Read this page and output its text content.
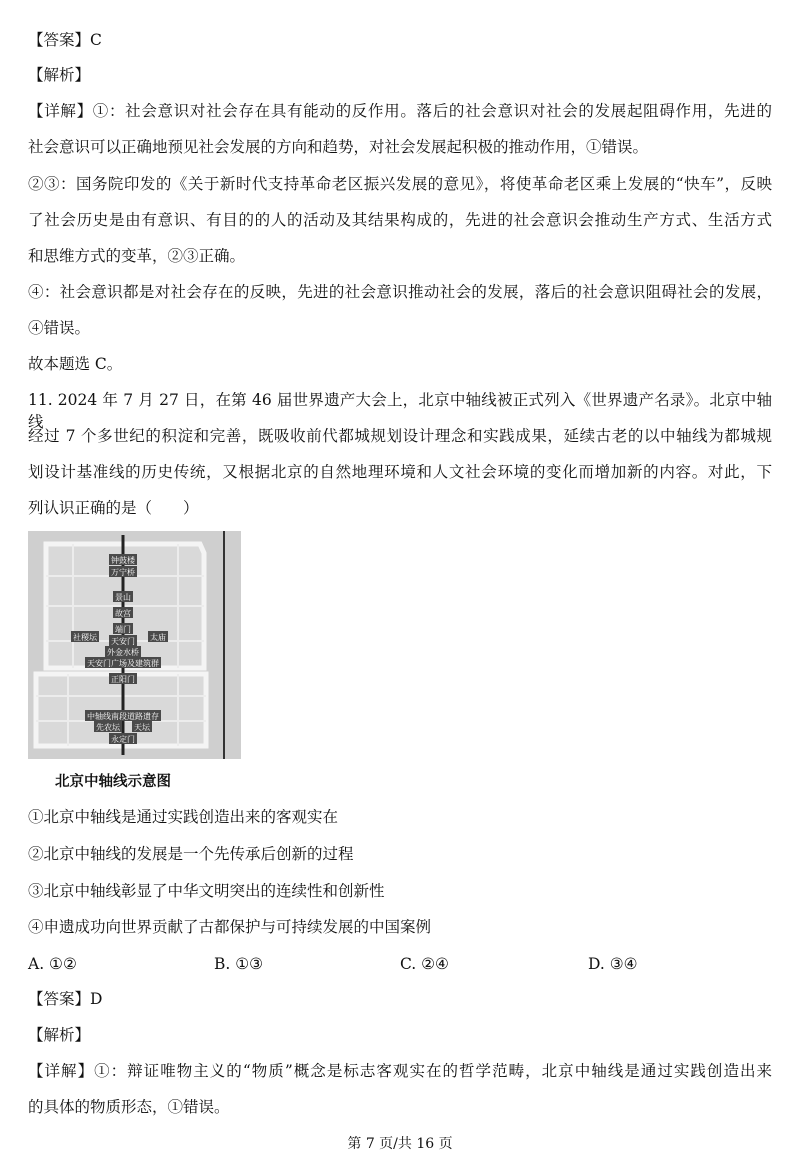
【答案】C
【解析】
【详解】①：社会意识对社会存在具有能动的反作用。落后的社会意识对社会的发展起阻碍作用，先进的
社会意识可以正确地预见社会发展的方向和趋势，对社会发展起积极的推动作用，①错误。
②③：国务院印发的《关于新时代支持革命老区振兴发展的意见》，将使革命老区乘上发展的“快车”，反映
了社会历史是由有意识、有目的的人的活动及其结果构成的，先进的社会意识会推动生产方式、生活方式
和思维方式的变革，②③正确。
④：社会意识都是对社会存在的反映，先进的社会意识推动社会的发展，落后的社会意识阻碍社会的发展，
④错误。
故本题选 C。
11. 2024 年 7 月 27 日，在第 46 届世界遗产大会上，北京中轴线被正式列入《世界遗产名录》。北京中轴线
经过 7 个多世纪的积淀和完善，既吸收前代都城规划设计理念和实践成果，延续古老的以中轴线为都城规
划设计基准线的历史传统，又根据北京的自然地理环境和人文社会环境的变化而增加新的内容。对此，下
列认识正确的是（　　）
钟鼓楼
万宁桥
景山
故宫
端门
社稷坛 天安门 太庙
外金水桥
天安门广场及建筑群
正阳门
中轴线南段道路遗存
先农坛 天坛
永定门
北京中轴线示意图
①北京中轴线是通过实践创造出来的客观实在
②北京中轴线的发展是一个先传承后创新的过程
③北京中轴线彰显了中华文明突出的连续性和创新性
④申遗成功向世界贡献了古都保护与可持续发展的中国案例
A. ①②	B. ①③	C. ②④	D. ③④
【答案】D
【解析】
【详解】①：辩证唯物主义的“物质”概念是标志客观实在的哲学范畴，北京中轴线是通过实践创造出来
的具体的物质形态，①错误。
第 7 页/共 16 页
